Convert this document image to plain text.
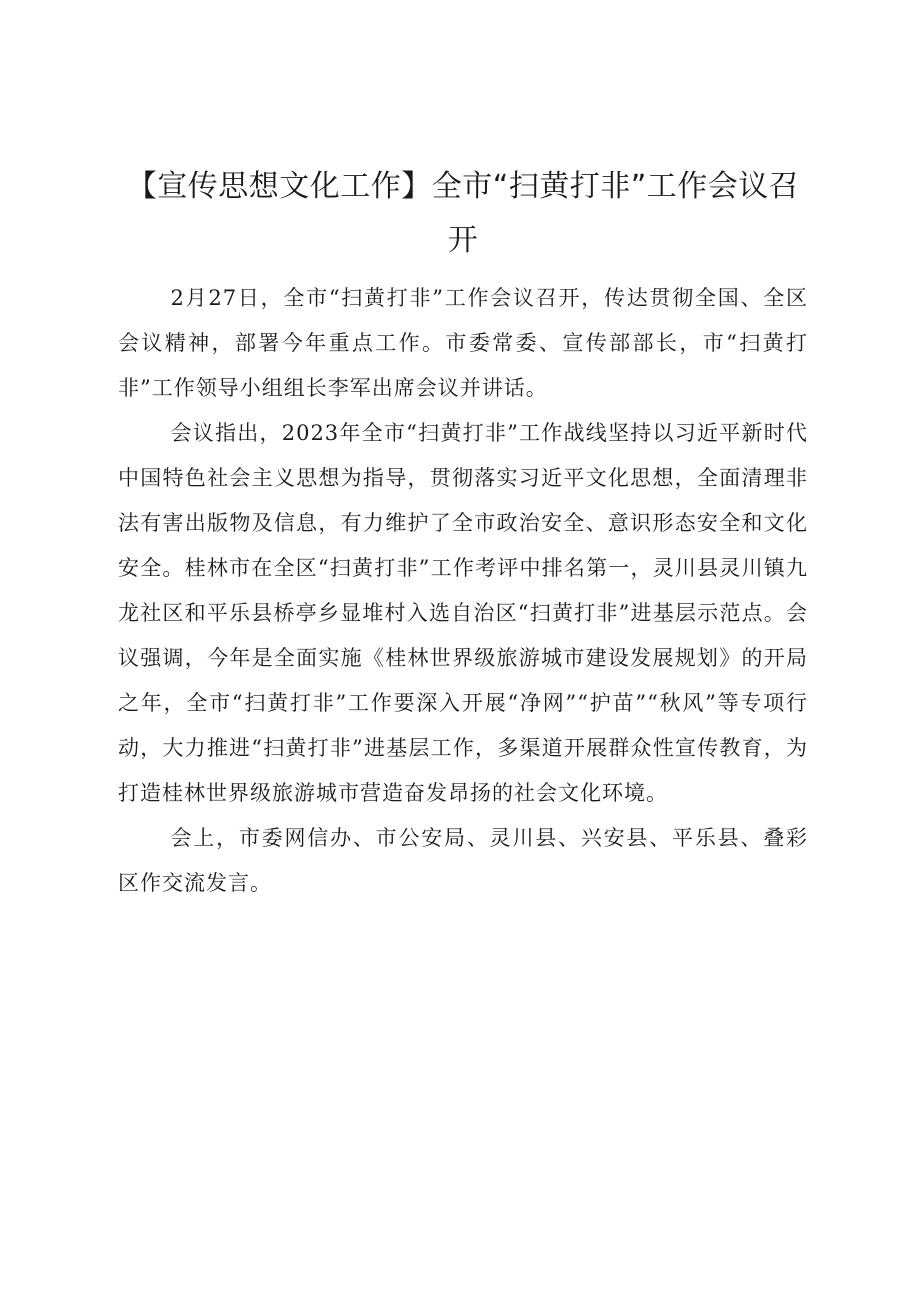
【宣传思想文化工作】全市“扫黄打非”工作会议召开

2月27日，全市“扫黄打非”工作会议召开，传达贯彻全国、全区会议精神，部署今年重点工作。市委常委、宣传部部长，市“扫黄打非”工作领导小组组长李军出席会议并讲话。

会议指出，2023年全市“扫黄打非”工作战线坚持以习近平新时代中国特色社会主义思想为指导，贯彻落实习近平文化思想，全面清理非法有害出版物及信息，有力维护了全市政治安全、意识形态安全和文化安全。桂林市在全区“扫黄打非”工作考评中排名第一，灵川县灵川镇九龙社区和平乐县桥亭乡显堆村入选自治区“扫黄打非”进基层示范点。会议强调，今年是全面实施《桂林世界级旅游城市建设发展规划》的开局之年，全市“扫黄打非”工作要深入开展“净网”“护苗”“秋风”等专项行动，大力推进“扫黄打非”进基层工作，多渠道开展群众性宣传教育，为打造桂林世界级旅游城市营造奋发昂扬的社会文化环境。

会上，市委网信办、市公安局、灵川县、兴安县、平乐县、叠彩区作交流发言。
